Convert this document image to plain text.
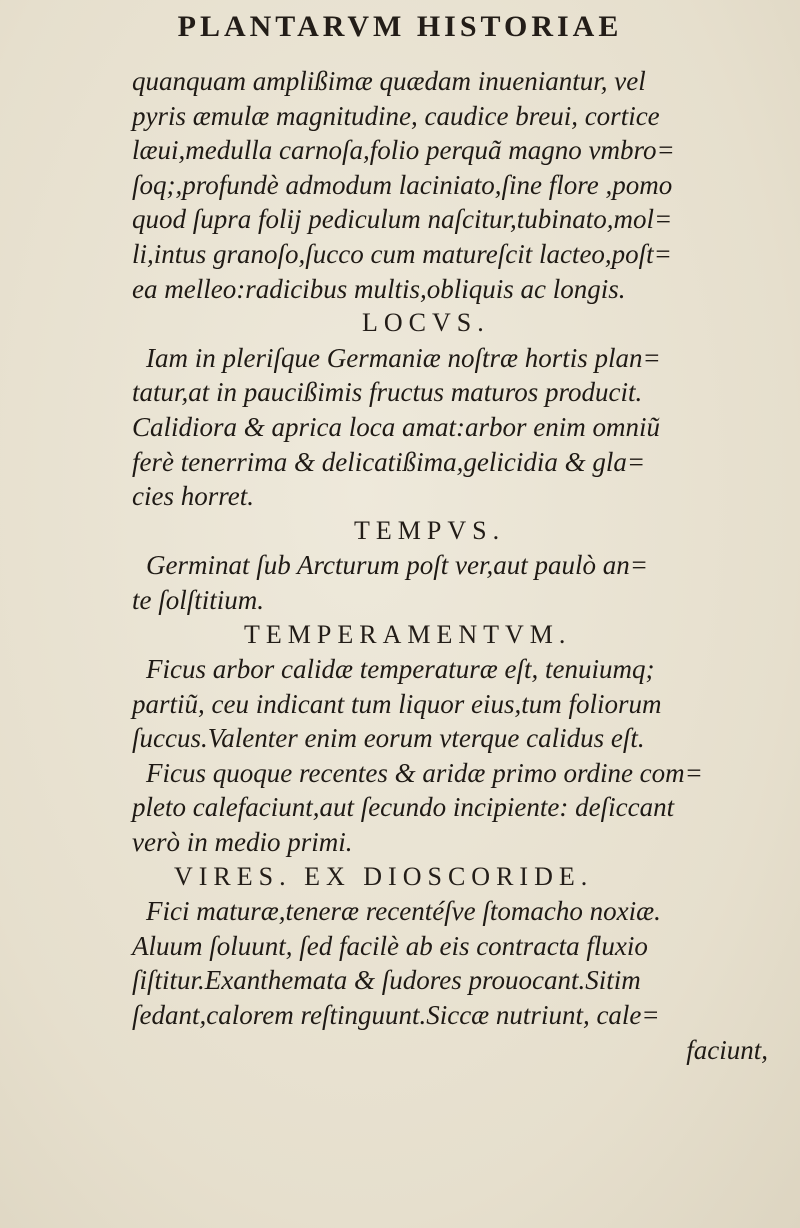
PLANTARVM HISTORIAE
quanquam amplißimæ quædam inueniantur, vel
pyris æmulæ magnitudine, caudice breui, cortice
læui,medulla carnoſa,folio perquã magno vmbro=
ſoq;,profundè admodum laciniato,ſine flore ,pomo
quod ſupra folij pediculum naſcitur,tubinato,mol=
li,intus granoſo,ſucco cum matureſcit lacteo,poſt=
ea melleo:radicibus multis,obliquis ac longis.
LOCVS.
Iam in pleriſque Germaniæ noſtræ hortis plan=
tatur,at in paucißimis fructus maturos producit.
Calidiora & aprica loca amat:arbor enim omniũ
ferè tenerrima & delicatißima,gelicidia & gla=
cies horret.
TEMPVS.
Germinat ſub Arcturum poſt ver,aut paulò an=
te ſolſtitium.
TEMPERAMENTVM.
Ficus arbor calidæ temperaturæ eſt, tenuiumq;
partiũ, ceu indicant tum liquor eius,tum foliorum
ſuccus.Valenter enim eorum vterque calidus eſt.
Ficus quoque recentes & aridæ primo ordine com=
pleto calefaciunt,aut ſecundo incipiente: deſiccant
verò in medio primi.
VIRES. EX DIOSCORIDE.
Fici maturæ,teneræ recentéſve ſtomacho noxiæ.
Aluum ſoluunt, ſed facilè ab eis contracta fluxio
ſiſtitur.Exanthemata & ſudores prouocant.Sitim
ſedant,calorem reſtinguunt.Siccæ nutriunt, cale=
faciunt,
